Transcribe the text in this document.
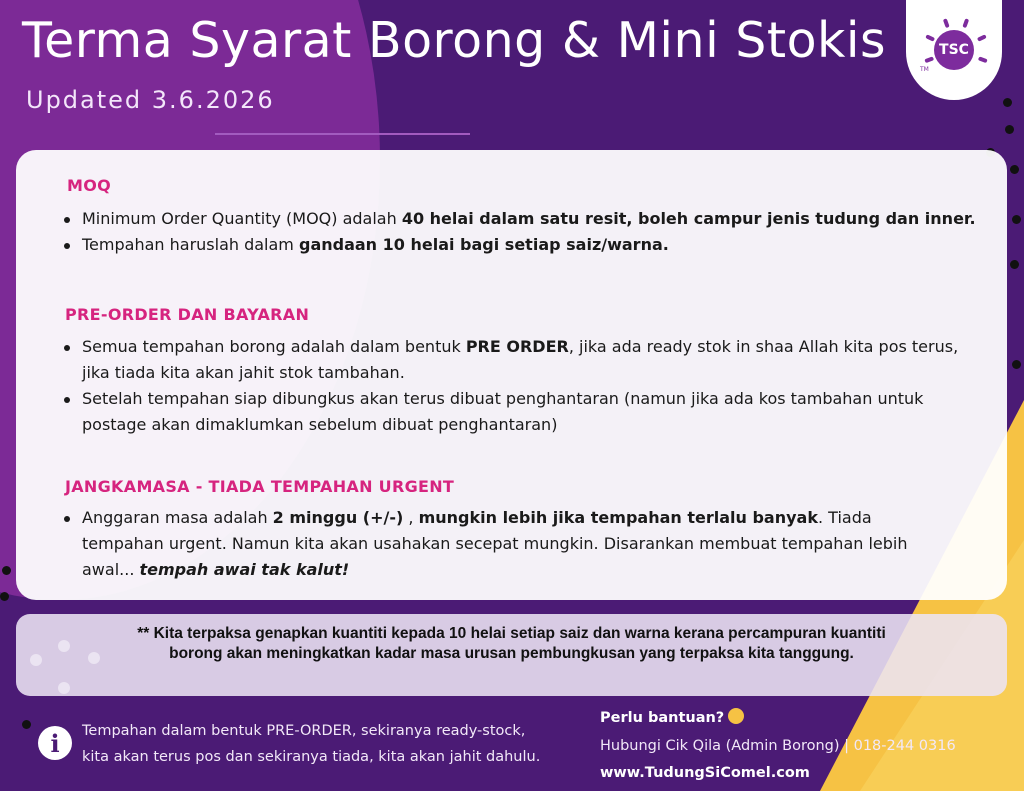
Terma Syarat Borong & Mini Stokis
Updated 3.6.2026
TSC
TM
MOQ
Minimum Order Quantity (MOQ) adalah 40 helai dalam satu resit, boleh campur jenis tudung dan inner.
Tempahan haruslah dalam gandaan 10 helai bagi setiap saiz/warna.
PRE-ORDER DAN BAYARAN
Semua tempahan borong adalah dalam bentuk PRE ORDER, jika ada ready stok in shaa Allah kita pos terus, jika tiada kita akan jahit stok tambahan.
Setelah tempahan siap dibungkus akan terus dibuat penghantaran (namun jika ada kos tambahan untuk postage akan dimaklumkan sebelum dibuat penghantaran)
JANGKAMASA - TIADA TEMPAHAN URGENT
Anggaran masa adalah 2 minggu (+/-) , mungkin lebih jika tempahan terlalu banyak. Tiada tempahan urgent. Namun kita akan usahakan secepat mungkin. Disarankan membuat tempahan lebih awal... tempah awai tak kalut!
** Kita terpaksa genapkan kuantiti kepada 10 helai setiap saiz dan warna kerana percampuran kuantiti borong akan meningkatkan kadar masa urusan pembungkusan yang terpaksa kita tanggung.
i	Tempahan dalam bentuk PRE-ORDER, sekiranya ready-stock, kita akan terus pos dan sekiranya tiada, kita akan jahit dahulu.
Perlu bantuan?
Hubungi Cik Qila (Admin Borong) | 018-244 0316
www.TudungSiComel.com
